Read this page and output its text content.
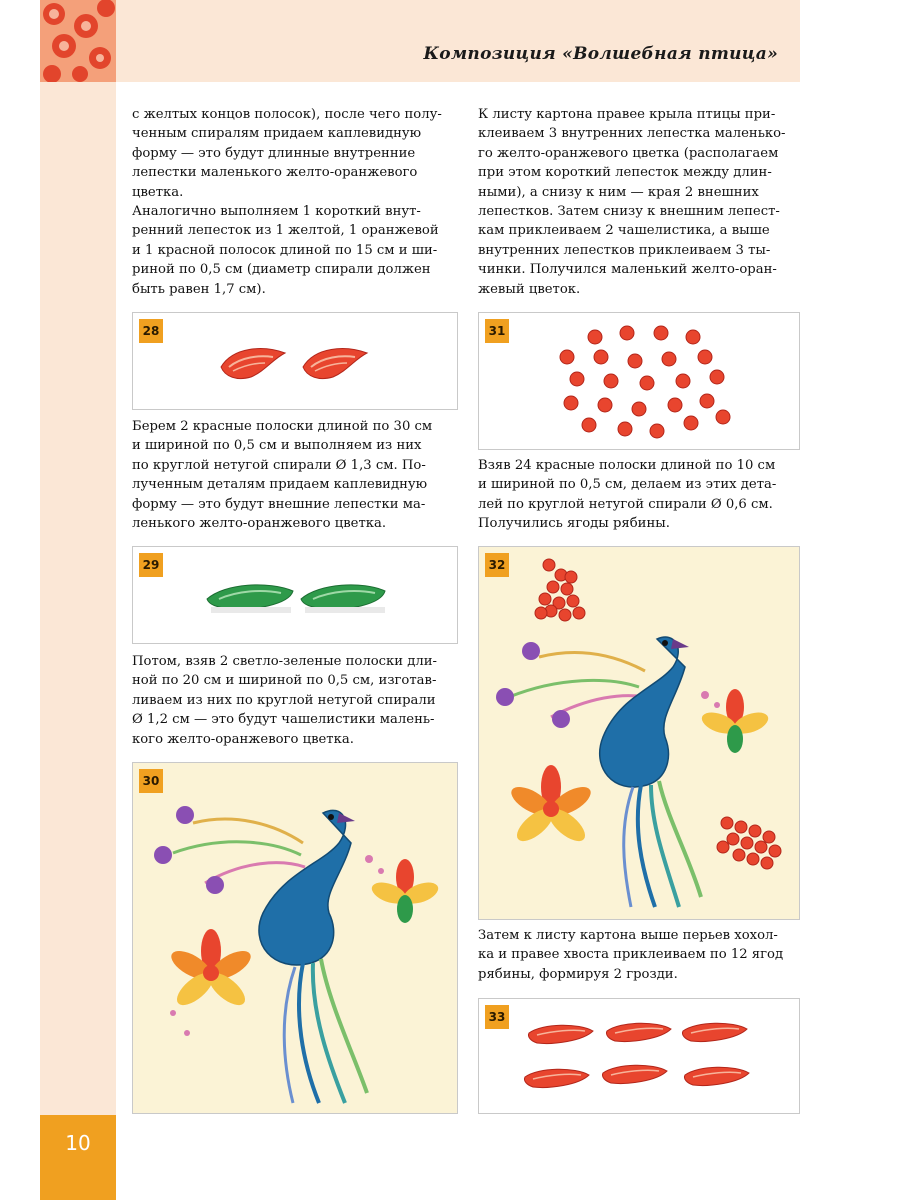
Композиция «Волшебная птица»
10
с желтых концов полосок), после чего полу-
ченным спиралям придаем каплевидную
форму — это будут длинные внутренние
лепестки маленького желто-оранжевого
цветка.
Аналогично выполняем 1 короткий внут-
ренний лепесток из 1 желтой, 1 оранжевой
и 1 красной полосок длиной по 15 см и ши-
риной по 0,5 см (диаметр спирали должен
быть равен 1,7 см).
28
Берем 2 красные полоски длиной по 30 см
и шириной по 0,5 см и выполняем из них
по круглой нетугой спирали Ø 1,3 см. По-
лученным деталям придаем каплевидную
форму — это будут внешние лепестки ма-
ленького желто-оранжевого цветка.
29
Потом, взяв 2 светло-зеленые полоски дли-
ной по 20 см и шириной по 0,5 см, изготав-
ливаем из них по круглой нетугой спирали
Ø 1,2 см — это будут чашелистики малень-
кого желто-оранжевого цветка.
30
К листу картона правее крыла птицы при-
клеиваем 3 внутренних лепестка маленько-
го желто-оранжевого цветка (располагаем
при этом короткий лепесток между длин-
ными), а снизу к ним — края 2 внешних
лепестков. Затем снизу к внешним лепест-
кам приклеиваем 2 чашелистика, а выше
внутренних лепестков приклеиваем 3 ты-
чинки. Получился маленький желто-оран-
жевый цветок.
31
Взяв 24 красные полоски длиной по 10 см
и шириной по 0,5 см, делаем из этих дета-
лей по круглой нетугой спирали Ø 0,6 см.
Получились ягоды рябины.
32
Затем к листу картона выше перьев хохол-
ка и правее хвоста приклеиваем по 12 ягод
рябины, формируя 2 грозди.
33
